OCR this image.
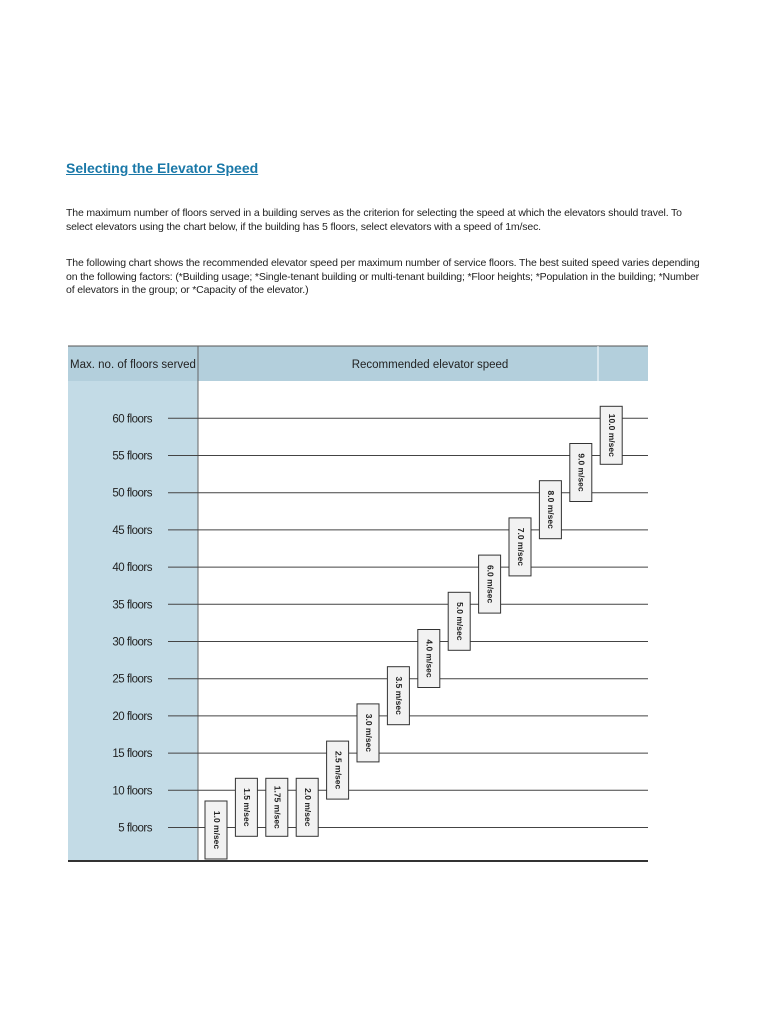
Selecting the Elevator Speed
The maximum number of floors served in a building serves as the criterion for selecting the speed at which the elevators should travel. To select elevators using the chart below, if the building has 5 floors, select elevators with a speed of 1m/sec.
The following chart shows the recommended elevator speed per maximum number of service floors. The best suited speed varies depending on the following factors: (*Building usage; *Single-tenant building or multi-tenant building; *Floor heights; *Population in the building; *Number of elevators in the group; or *Capacity of the elevator.)
Max. no. of floors served	Recommended elevator speed
60 floors
55 floors
50 floors
45 floors
40 floors
35 floors
30 floors
25 floors
20 floors
15 floors
10 floors
5 floors	1.0 m/sec
1.5 m/sec 1.75 m/sec 2.0 m/sec
2.5 m/sec
3.0 m/sec
3.5 m/sec
4.0 m/sec
5.0 m/sec
6.0 m/sec
7.0 m/sec
8.0 m/sec
9.0 m/sec
10.0 m/sec
